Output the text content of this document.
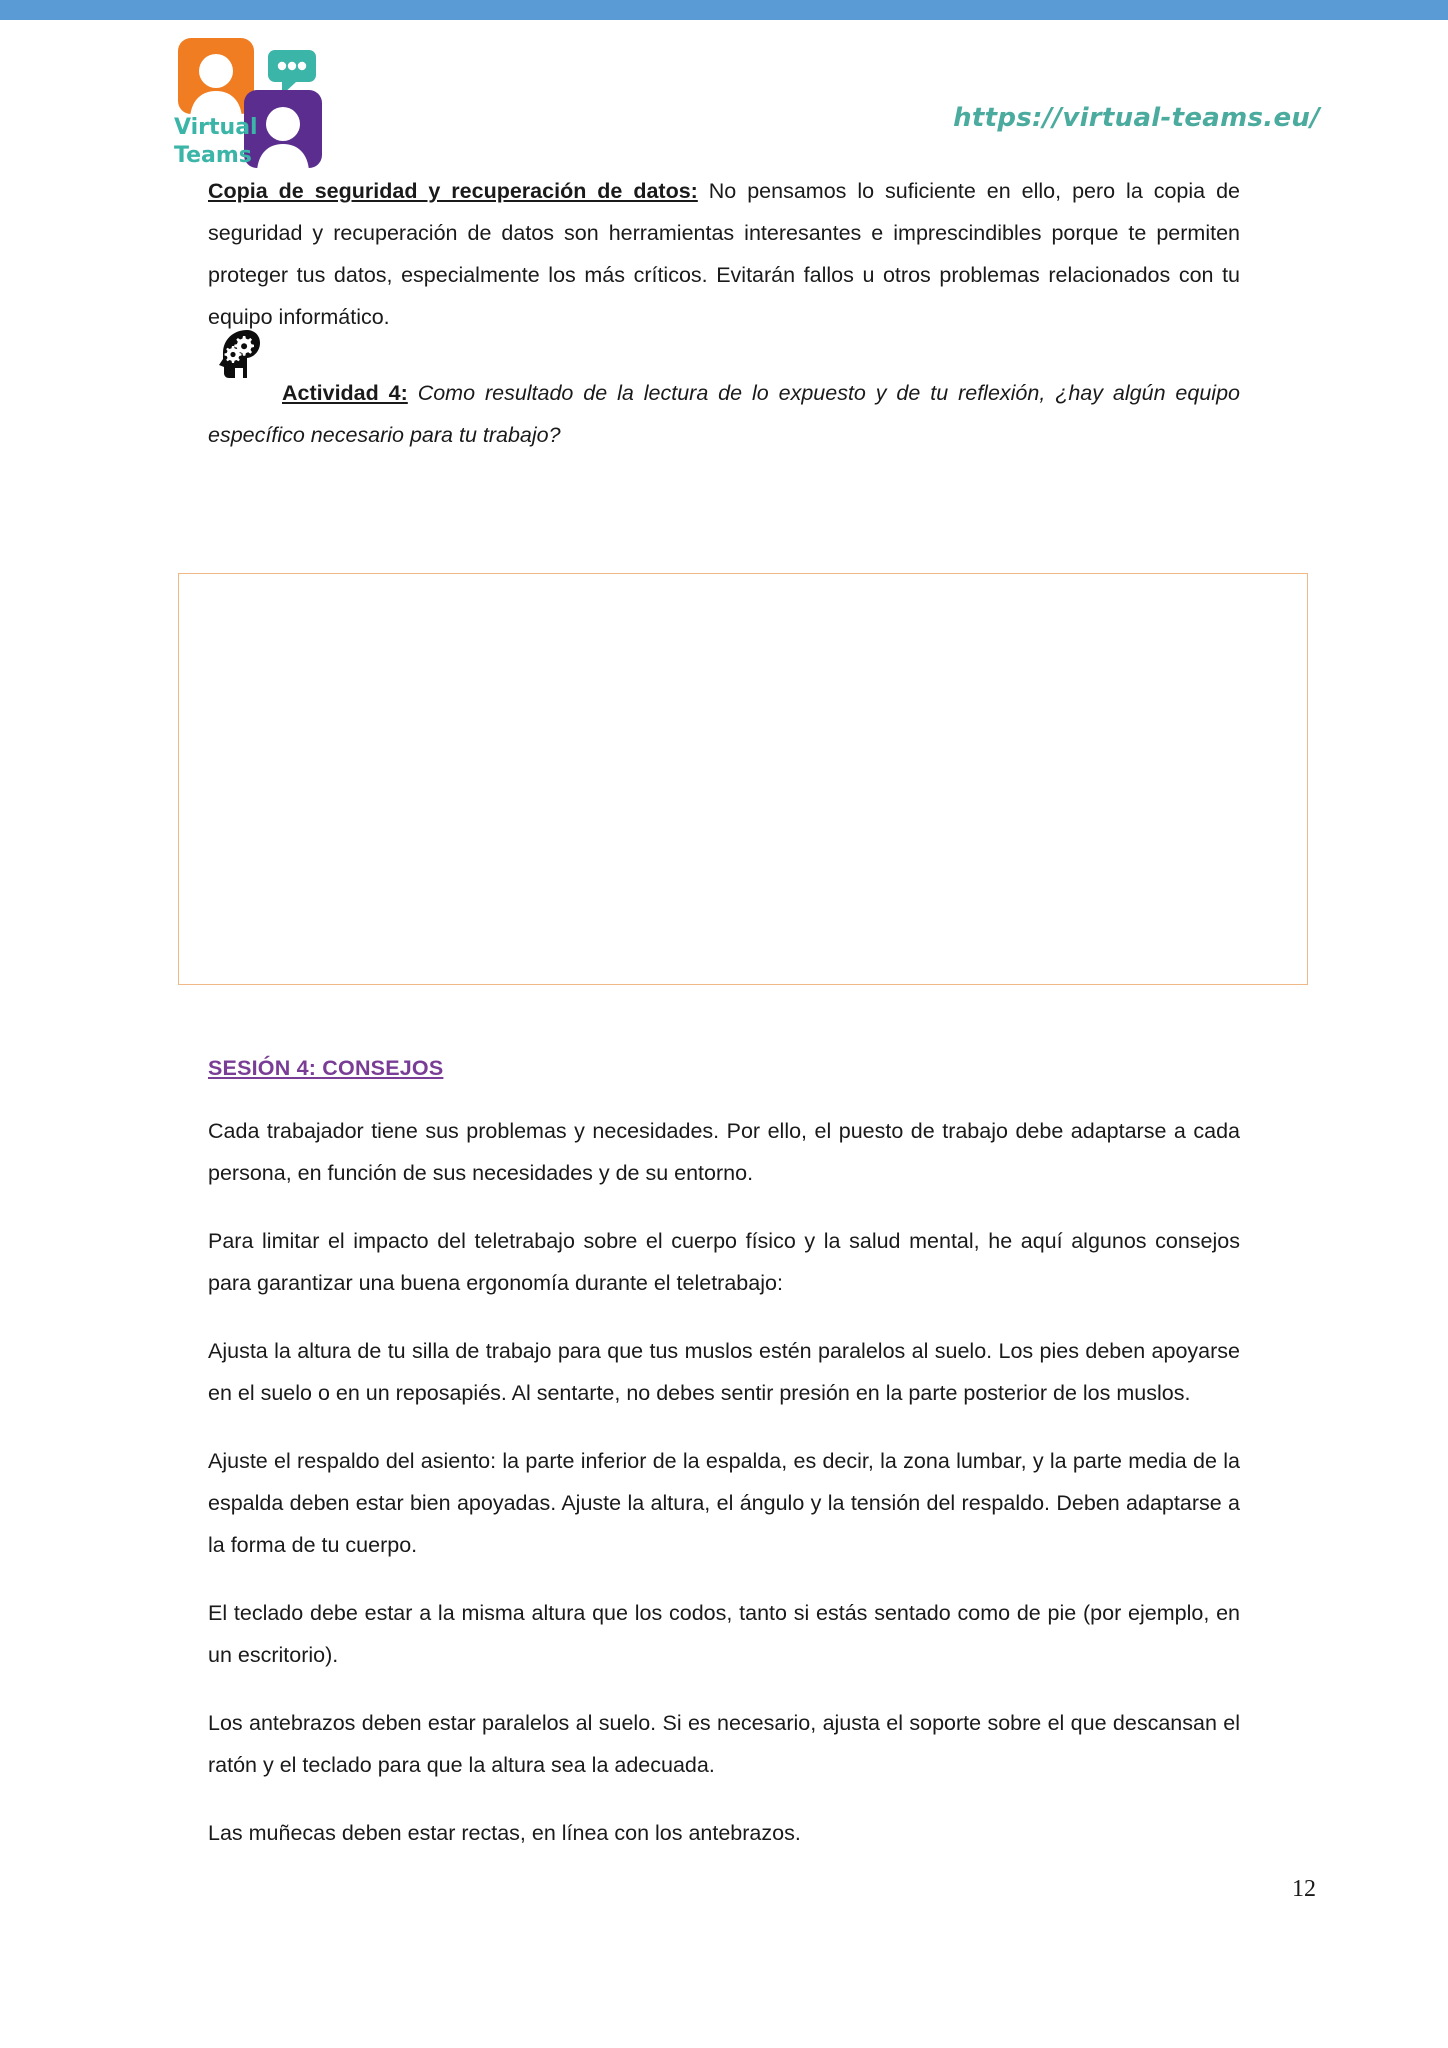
Virtual
Teams
https://virtual-teams.eu/

Copia de seguridad y recuperación de datos: No pensamos lo suficiente en ello, pero la copia de seguridad y recuperación de datos son herramientas interesantes e imprescindibles porque te permiten proteger tus datos, especialmente los más críticos. Evitarán fallos u otros problemas relacionados con tu equipo informático.

Actividad 4: Como resultado de la lectura de lo expuesto y de tu reflexión, ¿hay algún equipo específico necesario para tu trabajo?

SESIÓN 4: CONSEJOS

Cada trabajador tiene sus problemas y necesidades. Por ello, el puesto de trabajo debe adaptarse a cada persona, en función de sus necesidades y de su entorno.

Para limitar el impacto del teletrabajo sobre el cuerpo físico y la salud mental, he aquí algunos consejos para garantizar una buena ergonomía durante el teletrabajo:

Ajusta la altura de tu silla de trabajo para que tus muslos estén paralelos al suelo. Los pies deben apoyarse en el suelo o en un reposapiés. Al sentarte, no debes sentir presión en la parte posterior de los muslos.

Ajuste el respaldo del asiento: la parte inferior de la espalda, es decir, la zona lumbar, y la parte media de la espalda deben estar bien apoyadas. Ajuste la altura, el ángulo y la tensión del respaldo. Deben adaptarse a la forma de tu cuerpo.

El teclado debe estar a la misma altura que los codos, tanto si estás sentado como de pie (por ejemplo, en un escritorio).

Los antebrazos deben estar paralelos al suelo. Si es necesario, ajusta el soporte sobre el que descansan el ratón y el teclado para que la altura sea la adecuada.

Las muñecas deben estar rectas, en línea con los antebrazos.

12
